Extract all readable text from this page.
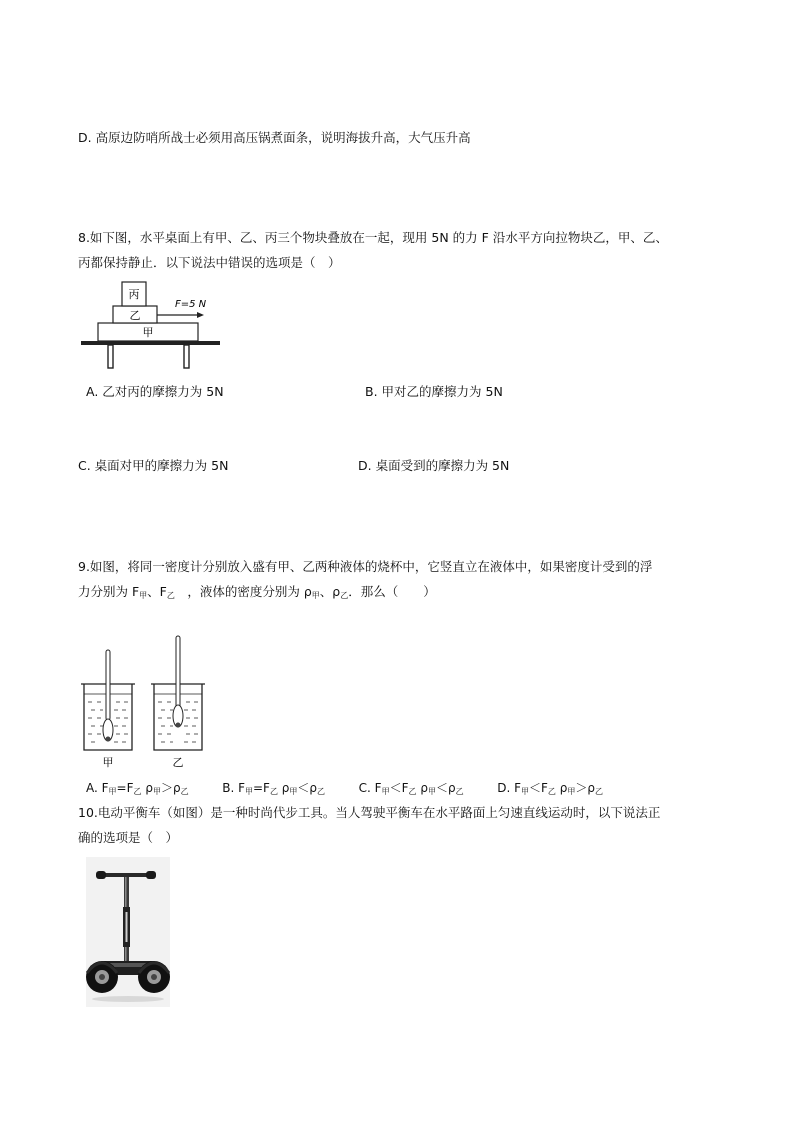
D. 高原边防哨所战士必须用高压锅煮面条，说明海拔升高，大气压升高
8.如下图，水平桌面上有甲、乙、丙三个物块叠放在一起，现用 5N 的力 F 沿水平方向拉物块乙，甲、乙、
丙都保持静止．以下说法中错误的选项是（　）
甲
乙
丙
F=5 N
A. 乙对丙的摩擦力为 5N	B. 甲对乙的摩擦力为 5N
C. 桌面对甲的摩擦力为 5N	D. 桌面受到的摩擦力为 5N
9.如图，将同一密度计分别放入盛有甲、乙两种液体的烧杯中，它竖直立在液体中，如果密度计受到的浮
力分别为 $F_甲$、$F_乙$　，液体的密度分别为 $\rho_甲$、$\rho_乙$．那么（　　）
甲	乙
A. $F_甲=F_乙$ $\rho_甲>\rho_乙$	B. $F_甲=F_乙$ $\rho_甲<\rho_乙$	C. $F_甲<F_乙$ $\rho_甲<\rho_乙$	D. $F_甲<F_乙$ $\rho_甲>\rho_乙$
10.电动平衡车（如图）是一种时尚代步工具。当人驾驶平衡车在水平路面上匀速直线运动时，以下说法正
确的选项是（　）
